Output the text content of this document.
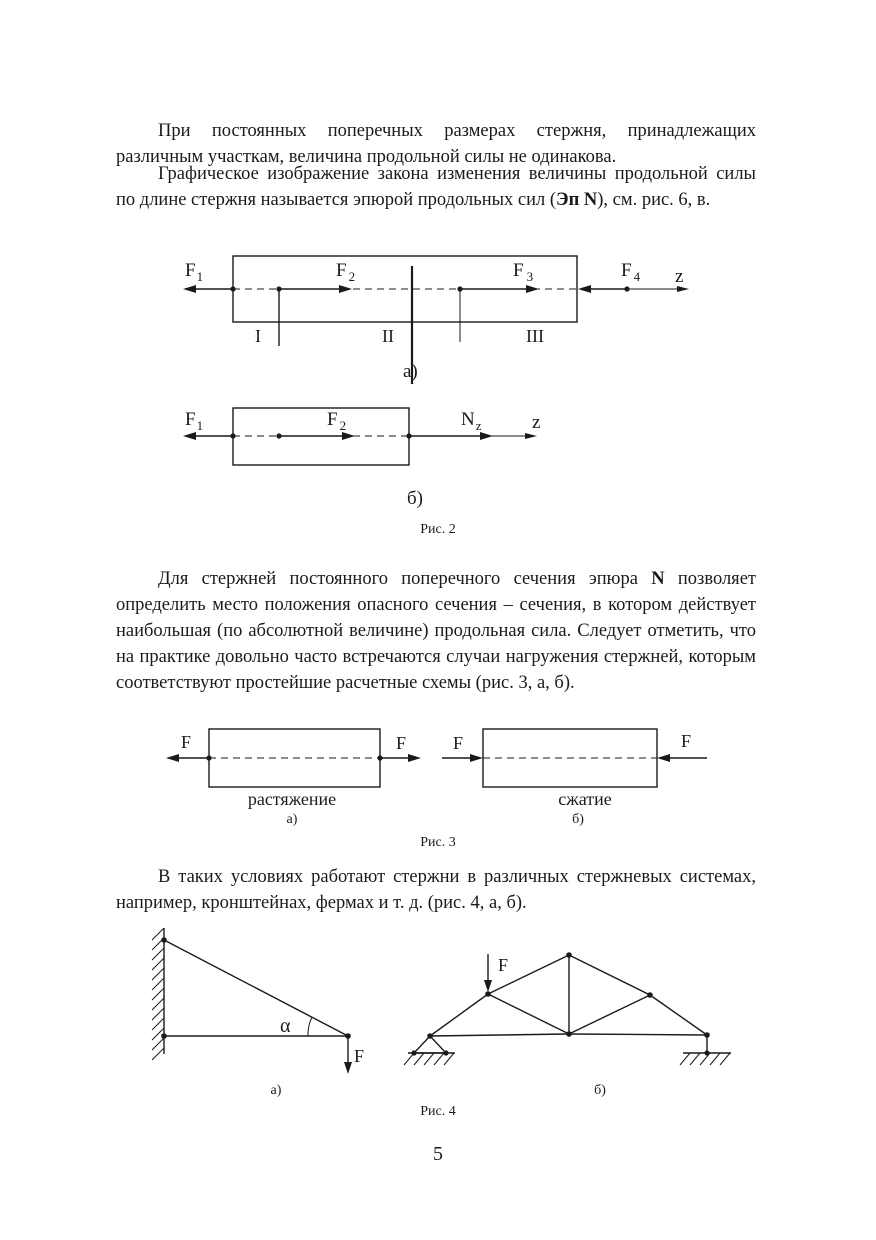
При постоянных поперечных размерах стержня, принадлежащих различным участкам, величина продольной силы не одинакова.

Графическое изображение закона изменения величины продольной силы по длине стержня называется эпюрой продольных сил (Эп N), см. рис. 6, в.

$F_1$	F $_2$	F $_3$	F $_4$ z
I	II	III
а)
$F_1$	F $_2$	$N_z$	z
б)
Рис. 2

Для стержней постоянного поперечного сечения эпюра N позволяет определить место положения опасного сечения – сечения, в котором действует наибольшая (по абсолютной величине) продольная сила. Следует отметить, что на практике довольно часто встречаются случаи нагружения стержней, которым соответствуют простейшие расчетные схемы (рис. 3, а, б).

F	F
растяжение
а)
F	F
сжатие
б)
Рис. 3

В таких условиях работают стержни в различных стержневых системах, например, кронштейнах, фермах и т. д. (рис. 4, а, б).

α
F
а)
F
б)
Рис. 4
5
